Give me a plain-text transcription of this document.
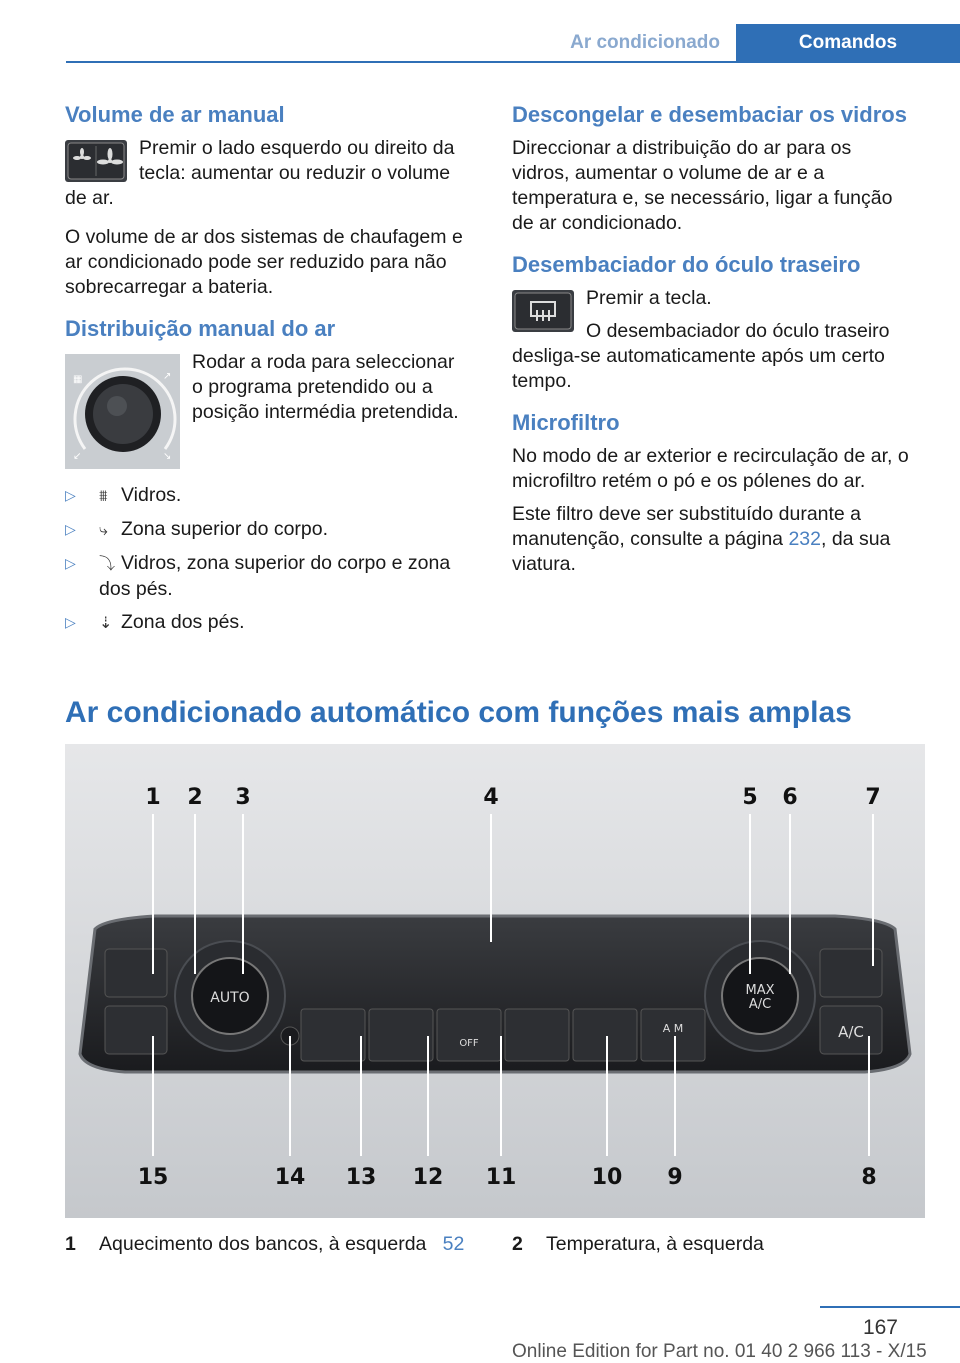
Ar condicionado	Comandos
Volume de ar manual

Premir o lado esquerdo ou direito da tecla: aumentar ou reduzir o volume de ar.

O volume de ar dos sistemas de chaufagem e ar condicionado pode ser reduzido para não sobrecarregar a bateria.

Distribuição manual do ar
▦	↗
↙	↘

Rodar a roda para seleccionar o programa pretendido ou a posição intermédia pretendida.

▷ ⩩ Vidros.
▷ ⤷ Zona superior do corpo.
▷ ⤵ Vidros, zona superior do corpo e zona dos pés.
▷ ⇣ Zona dos pés.
Descongelar e desembaciar os vidros

Direccionar a distribuição do ar para os vidros, aumentar o volume de ar e a temperatura e, se necessário, ligar a função de ar condicionado.

Desembaciador do óculo traseiro

Premir a tecla.

O desembaciador do óculo traseiro desliga-se automaticamente após um certo tempo.

Microfiltro

No modo de ar exterior e recirculação de ar, o microfiltro retém o pó e os pólenes do ar.

Este filtro deve ser substituído durante a manutenção, consulte a página 232, da sua viatura.

Ar condicionado automático com funções mais amplas
AUTO	MAX
A/C
A/C
OFF
A M
1 2 3	4	5 6	7
15	14 13 12 11	10 9	8
1 Aquecimento dos bancos, à esquerda 52 2 Temperatura, à esquerda
167
Online Edition for Part no. 01 40 2 966 113 - X/15
